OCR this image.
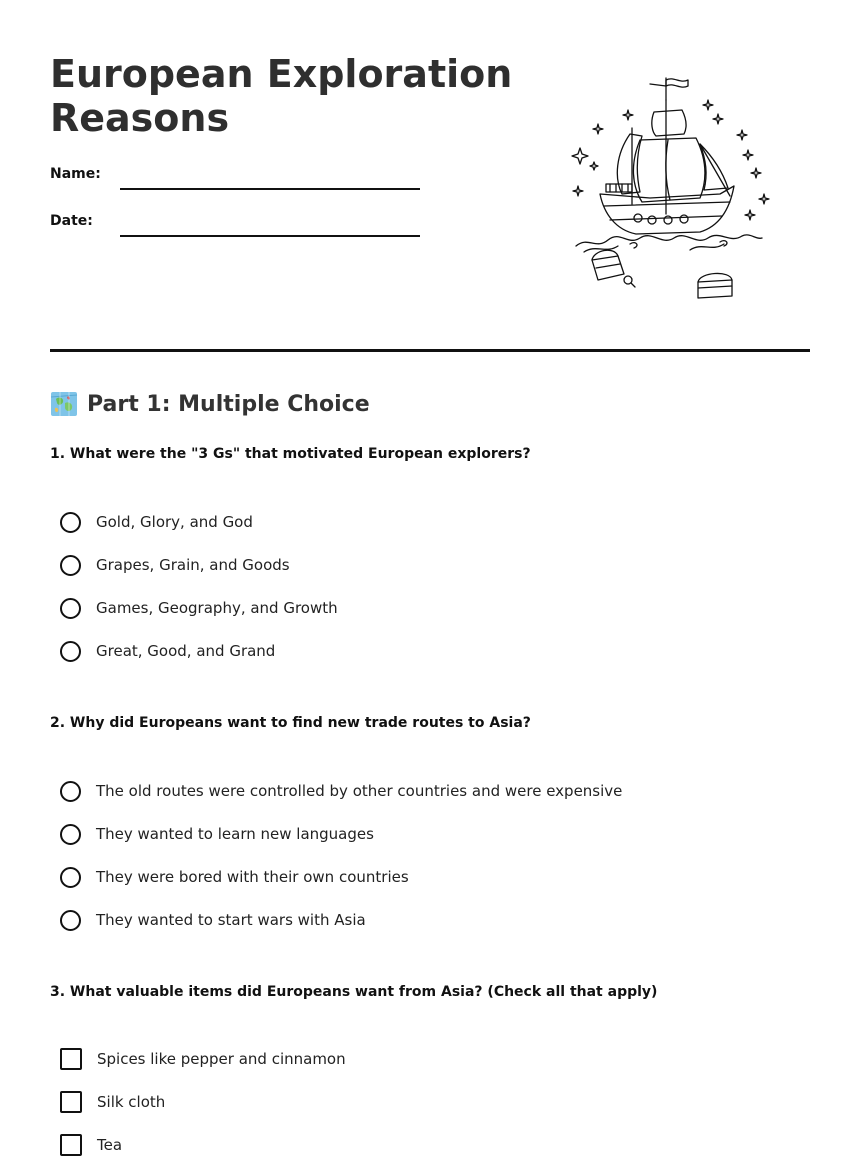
European Exploration Reasons
Name:
Date:
Part 1: Multiple Choice
1. What were the "3 Gs" that motivated European explorers?
Gold, Glory, and God
Grapes, Grain, and Goods
Games, Geography, and Growth
Great, Good, and Grand
2. Why did Europeans want to find new trade routes to Asia?
The old routes were controlled by other countries and were expensive
They wanted to learn new languages
They were bored with their own countries
They wanted to start wars with Asia
3. What valuable items did Europeans want from Asia? (Check all that apply)
Spices like pepper and cinnamon
Silk cloth
Tea
